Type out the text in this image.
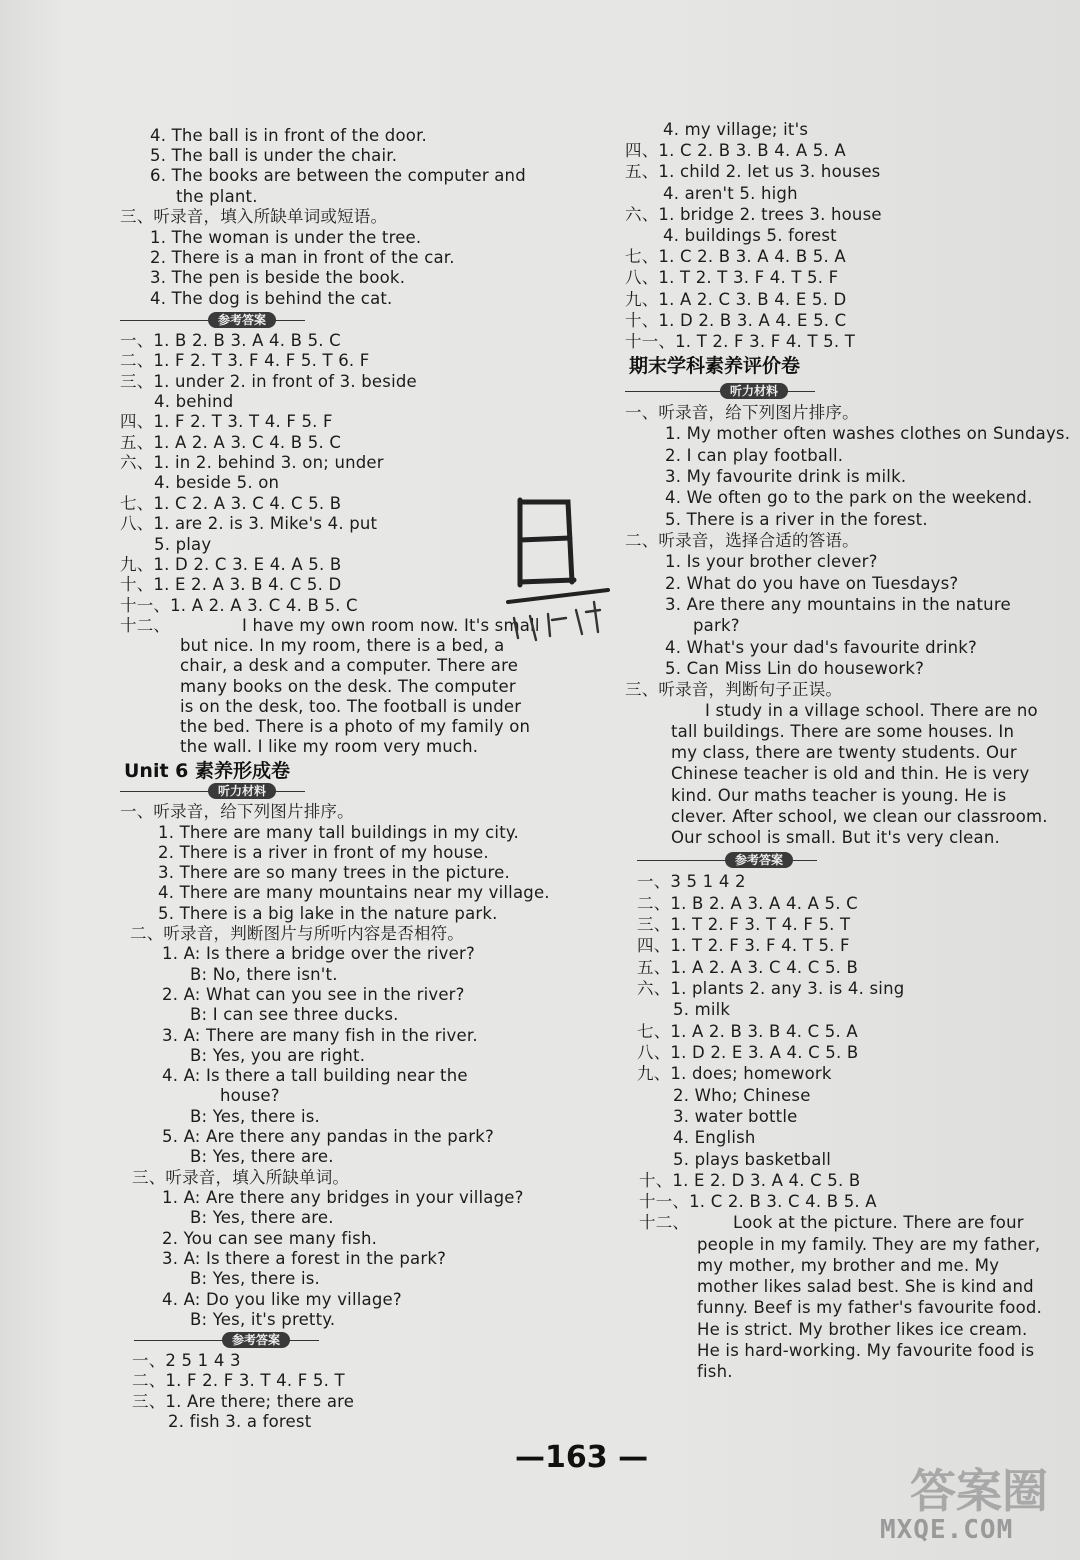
4. The ball is in front of the door.
5. The ball is under the chair.
6. The books are between the computer and
the plant.
三、听录音，填入所缺单词或短语。
1. The woman is under the tree.
2. There is a man in front of the car.
3. The pen is beside the book.
4. The dog is behind the cat.
参考答案
一、1. B 2. B 3. A 4. B 5. C
二、1. F 2. T 3. F 4. F 5. T 6. F
三、1. under 2. in front of 3. beside
4. behind
四、1. F 2. T 3. T 4. F 5. F
五、1. A 2. A 3. C 4. B 5. C
六、1. in 2. behind 3. on; under
4. beside 5. on
七、1. C 2. A 3. C 4. C 5. B
八、1. are 2. is 3. Mike's 4. put
5. play
九、1. D 2. C 3. E 4. A 5. B
十、1. E 2. A 3. B 4. C 5. D
十一、1. A 2. A 3. C 4. B 5. C
十二、	I have my own room now. It's small
but nice. In my room, there is a bed, a
chair, a desk and a computer. There are
many books on the desk. The computer
is on the desk, too. The football is under
the bed. There is a photo of my family on
the wall. I like my room very much.
Unit 6 素养形成卷
听力材料
一、听录音，给下列图片排序。
1. There are many tall buildings in my city.
2. There is a river in front of my house.
3. There are so many trees in the picture.
4. There are many mountains near my village.
5. There is a big lake in the nature park.
二、听录音，判断图片与所听内容是否相符。
1. A: Is there a bridge over the river?
B: No, there isn't.
2. A: What can you see in the river?
B: I can see three ducks.
3. A: There are many fish in the river.
B: Yes, you are right.
4. A: Is there a tall building near the
house?
B: Yes, there is.
5. A: Are there any pandas in the park?
B: Yes, there are.
三、听录音，填入所缺单词。
1. A: Are there any bridges in your village?
B: Yes, there are.
2. You can see many fish.
3. A: Is there a forest in the park?
B: Yes, there is.
4. A: Do you like my village?
B: Yes, it's pretty.
参考答案
一、2 5 1 4 3
二、1. F 2. F 3. T 4. F 5. T
三、1. Are there; there are
2. fish 3. a forest
4. my village; it's
四、1. C 2. B 3. B 4. A 5. A
五、1. child 2. let us 3. houses
4. aren't 5. high
六、1. bridge 2. trees 3. house
4. buildings 5. forest
七、1. C 2. B 3. A 4. B 5. A
八、1. T 2. T 3. F 4. T 5. F
九、1. A 2. C 3. B 4. E 5. D
十、1. D 2. B 3. A 4. E 5. C
十一、1. T 2. F 3. F 4. T 5. T
期末学科素养评价卷
听力材料
一、听录音，给下列图片排序。
1. My mother often washes clothes on Sundays.
2. I can play football.
3. My favourite drink is milk.
4. We often go to the park on the weekend.
5. There is a river in the forest.
二、听录音，选择合适的答语。
1. Is your brother clever?
2. What do you have on Tuesdays?
3. Are there any mountains in the nature
park?
4. What's your dad's favourite drink?
5. Can Miss Lin do housework?
三、听录音，判断句子正误。
I study in a village school. There are no
tall buildings. There are some houses. In
my class, there are twenty students. Our
Chinese teacher is old and thin. He is very
kind. Our maths teacher is young. He is
clever. After school, we clean our classroom.
Our school is small. But it's very clean.
参考答案
一、3 5 1 4 2
二、1. B 2. A 3. A 4. A 5. C
三、1. T 2. F 3. T 4. F 5. T
四、1. T 2. F 3. F 4. T 5. F
五、1. A 2. A 3. C 4. C 5. B
六、1. plants 2. any 3. is 4. sing
5. milk
七、1. A 2. B 3. B 4. C 5. A
八、1. D 2. E 3. A 4. C 5. B
九、1. does; homework
2. Who; Chinese
3. water bottle
4. English
5. plays basketball
十、1. E 2. D 3. A 4. C 5. B
十一、1. C 2. B 3. C 4. B 5. A
十二、	Look at the picture. There are four
people in my family. They are my father,
my mother, my brother and me. My
mother likes salad best. She is kind and
funny. Beef is my father's favourite food.
He is strict. My brother likes ice cream.
He is hard-working. My favourite food is
fish.
—163 —
答案圈
MXQE.COM
